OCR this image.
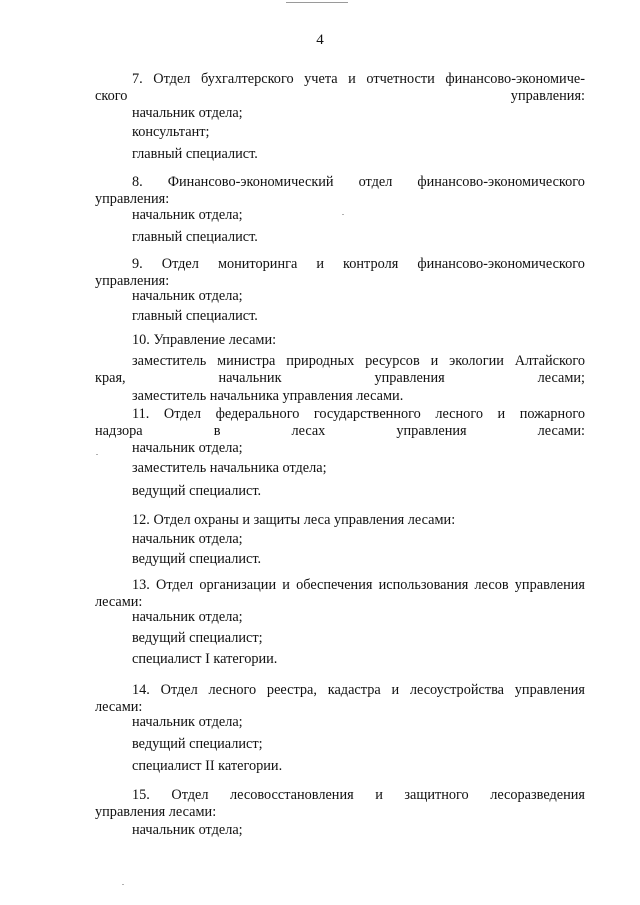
4

7. Отдел бухгалтерского учета и отчетности финансово-экономиче-
ского управления:

начальник отдела;

консультант;

главный специалист.

8. Финансово-экономический отдел финансово-экономического
управления:

начальник отдела;

главный специалист.

9. Отдел мониторинга и контроля финансово-экономического
управления:

начальник отдела;

главный специалист.

10. Управление лесами:

заместитель министра природных ресурсов и экологии Алтайского
края, начальник управления лесами;

заместитель начальника управления лесами.

11. Отдел федерального государственного лесного и пожарного
надзора в лесах управления лесами:

начальник отдела;

заместитель начальника отдела;

ведущий специалист.

12. Отдел охраны и защиты леса управления лесами:

начальник отдела;

ведущий специалист.

13. Отдел организации и обеспечения использования лесов управления
лесами:

начальник отдела;

ведущий специалист;

специалист I категории.

14. Отдел лесного реестра, кадастра и лесоустройства управления
лесами:

начальник отдела;

ведущий специалист;

специалист II категории.

15. Отдел лесовосстановления и защитного лесоразведения
управления лесами:

начальник отдела;
